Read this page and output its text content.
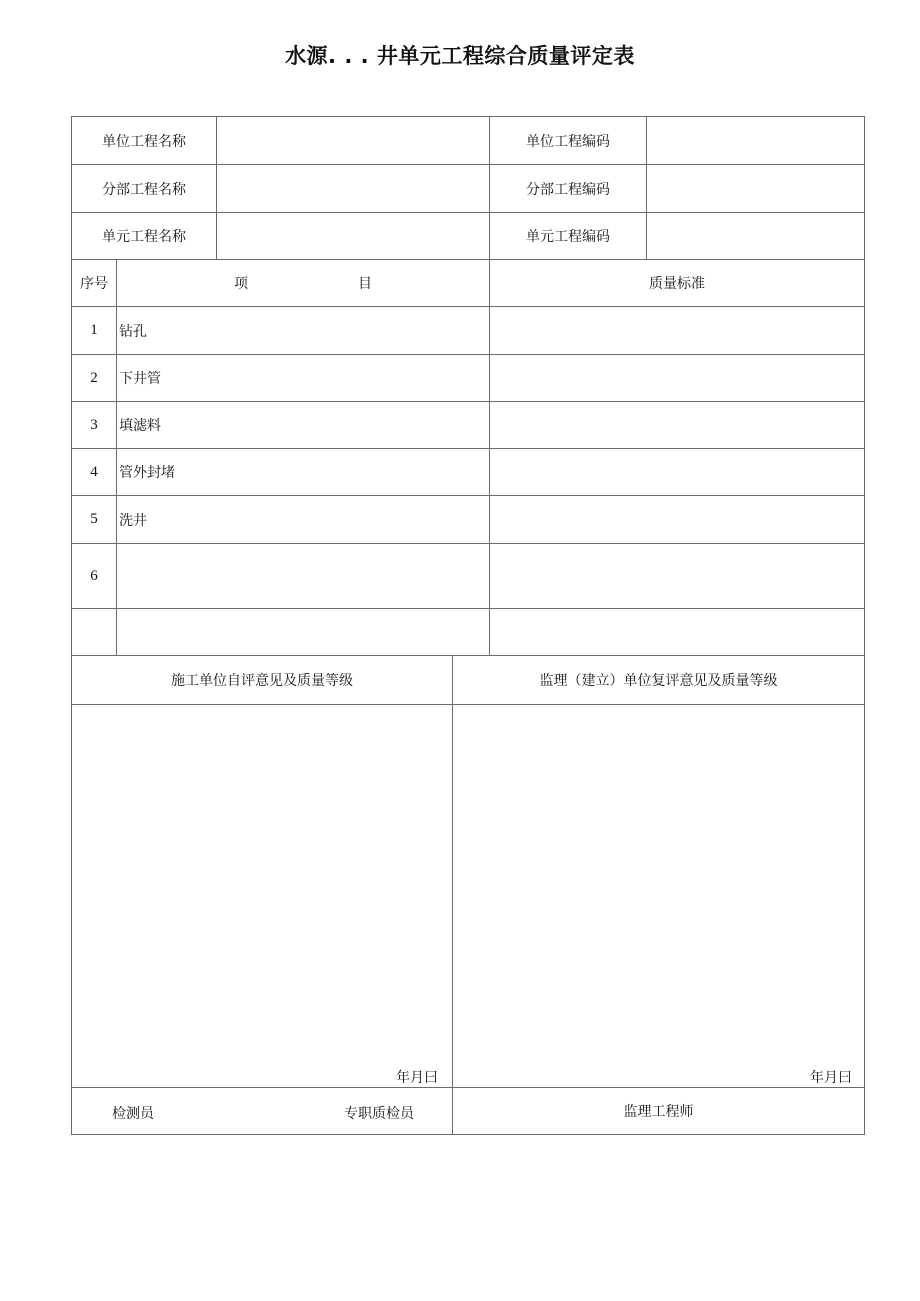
水源. . . 井单元工程综合质量评定表
单位工程名称			单位工程编码	
分部工程名称			分部工程编码	
单元工程名称			单元工程编码	
序号	项 目		质量标准	
1	钻孔			
2	下井管			
3	填滤料			
4	管外封堵			
5	洗井			
6				

施工单位自评意见及质量等级	监理（建立）单位复评意见及质量等级

年月曰	年月曰

检测员 专职质检员	监理工程师
